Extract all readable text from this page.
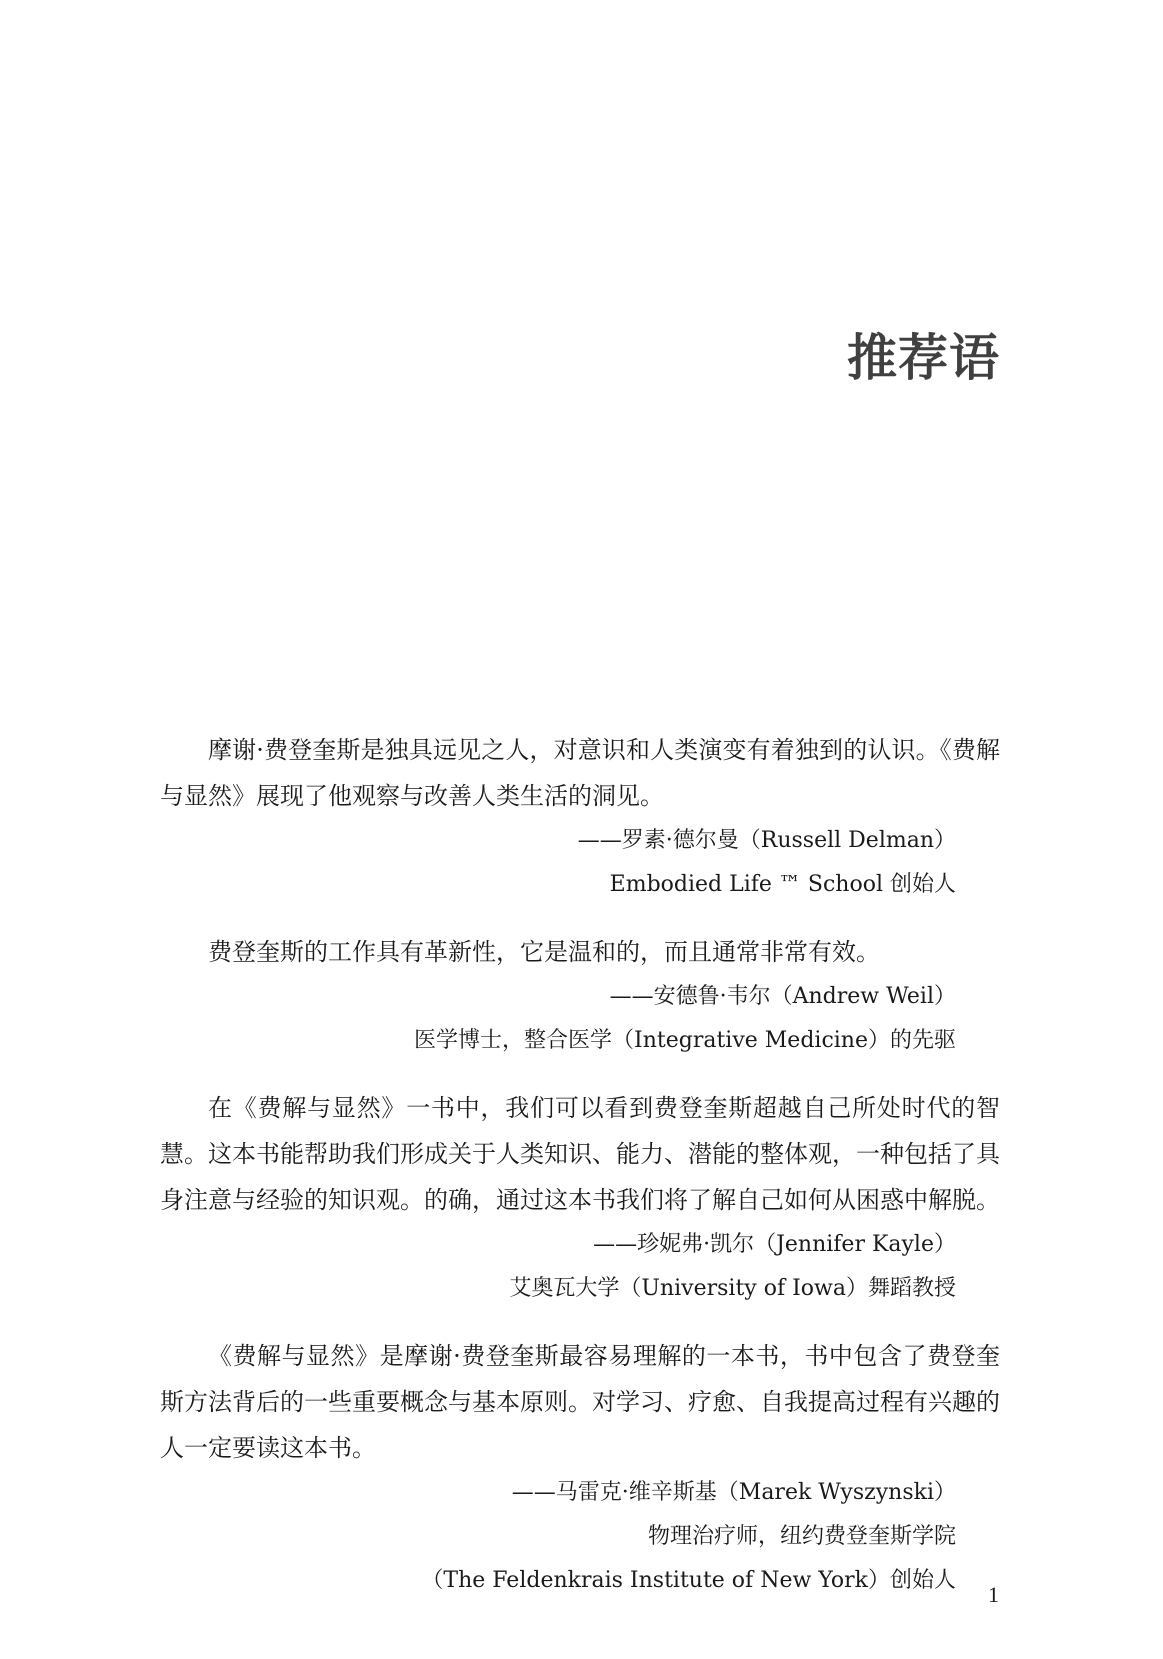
推荐语

摩谢·费登奎斯是独具远见之人，对意识和人类演变有着独到的认识。《费解与显然》展现了他观察与改善人类生活的洞见。

——罗素·德尔曼（Russell Delman）

Embodied Life ™ School 创始人

费登奎斯的工作具有革新性，它是温和的，而且通常非常有效。

——安德鲁·韦尔（Andrew Weil）

医学博士，整合医学（Integrative Medicine）的先驱

在《费解与显然》一书中，我们可以看到费登奎斯超越自己所处时代的智慧。这本书能帮助我们形成关于人类知识、能力、潜能的整体观，一种包括了具身注意与经验的知识观。的确，通过这本书我们将了解自己如何从困惑中解脱。

——珍妮弗·凯尔（Jennifer Kayle）

艾奥瓦大学（University of Iowa）舞蹈教授

《费解与显然》是摩谢·费登奎斯最容易理解的一本书，书中包含了费登奎斯方法背后的一些重要概念与基本原则。对学习、疗愈、自我提高过程有兴趣的人一定要读这本书。

——马雷克·维辛斯基（Marek Wyszynski）

物理治疗师，纽约费登奎斯学院

（The Feldenkrais Institute of New York）创始人

1
